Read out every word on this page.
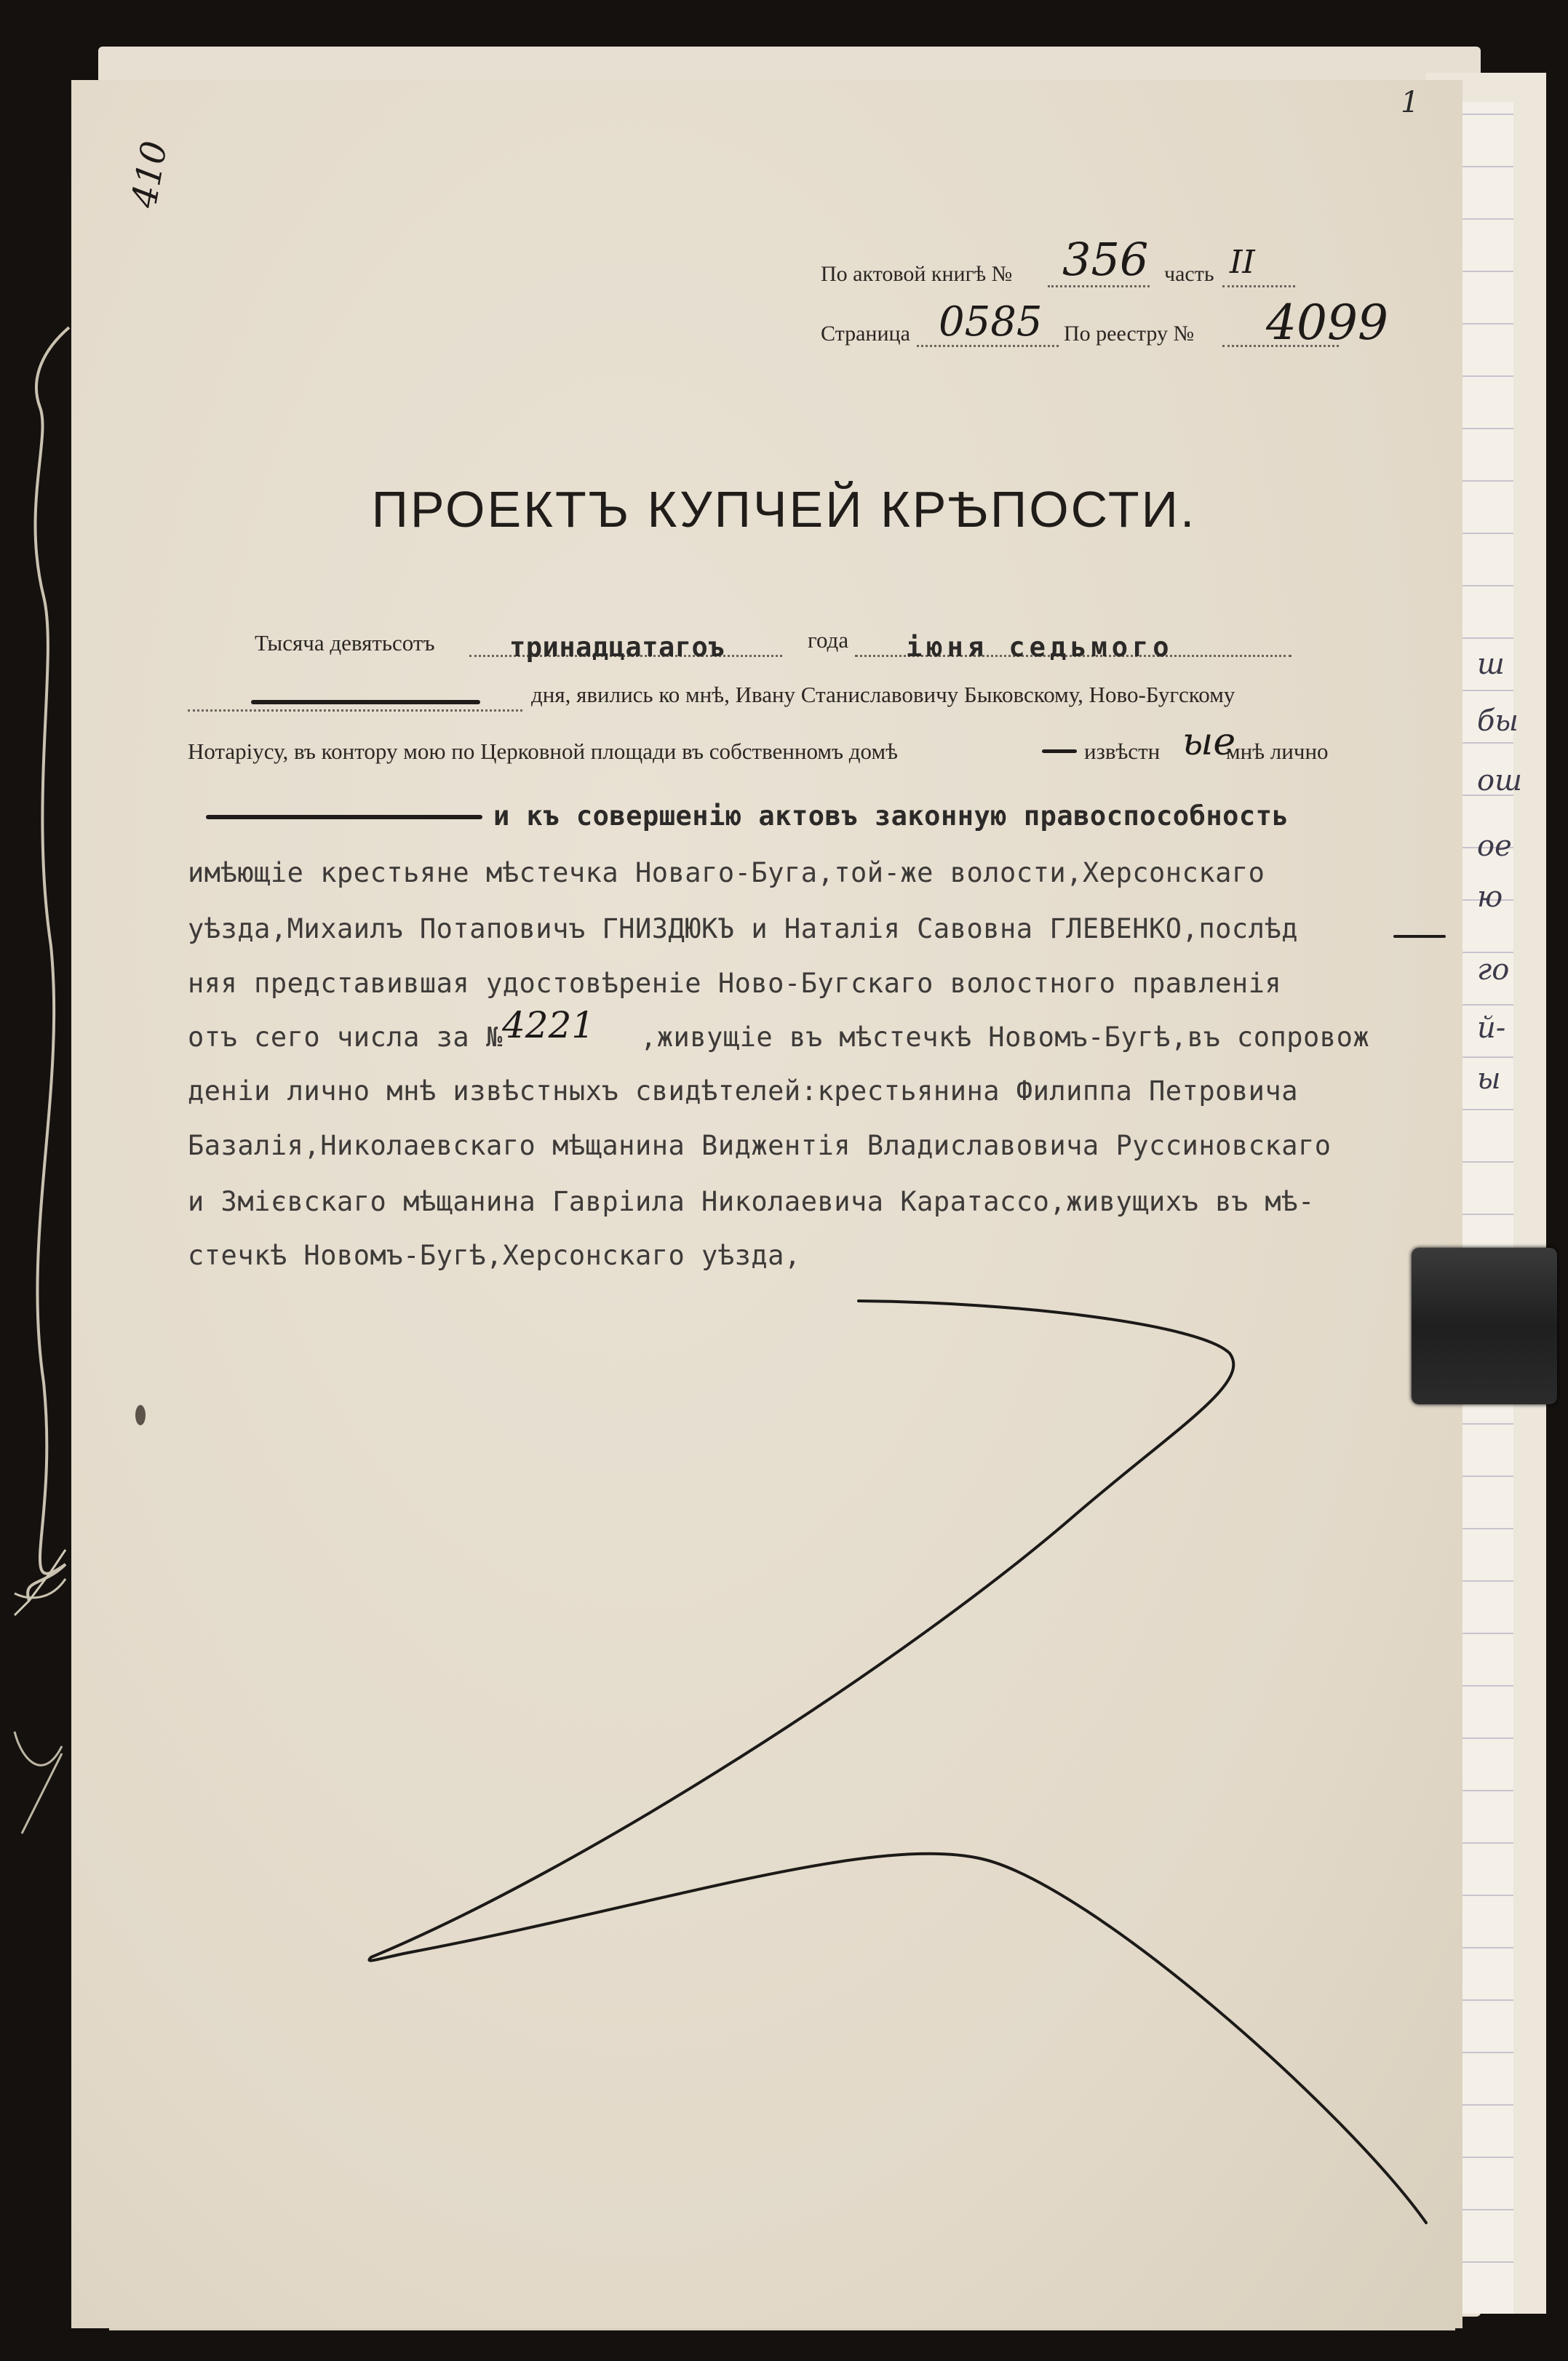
410
1
По актовой книгѣ № 356 часть II
Страница 0585 По реестру № 4099
ПРОЕКТЪ КУПЧЕЙ КРѢПОСТИ.
Тысяча девятьсотъ	тринадцатагоъ	года іюня седьмого
дня, явились ко мнѣ, Ивану Станиславовичу Быковскому, Ново-Бугскому
Нотаріусу, въ контору мою по Церковной площади въ собственномъ домѣ	извѣстн ые
мнѣ лично
и къ совершенію актовъ законную правоспособность
имѣющіе крестьяне мѣстечка Новаго-Буга,той-же волости,Херсонскаго
уѣзда,Михаилъ Потаповичъ ГНИЗДЮКЪ и Наталія Савовна ГЛЕВЕНКО,послѣд
няя представившая удостовѣреніе Ново-Бугскаго волостного правленія
отъ сего числа за № 4221 ,живущіе въ мѣстечкѣ Новомъ-Бугѣ,въ сопровож
деніи лично мнѣ извѣстныхъ свидѣтелей:крестьянина Филиппа Петровича
Базалія,Николаевскаго мѣщанина Виджентія Владиславовича Руссиновскаго
и Змієвскаго мѣщанина Гавріила Николаевича Каратассо,живущихъ въ мѣ-
стечкѣ Новомъ-Бугѣ,Херсонскаго уѣзда,
ш
бы
ош
ое
ю
го
й-
ы
